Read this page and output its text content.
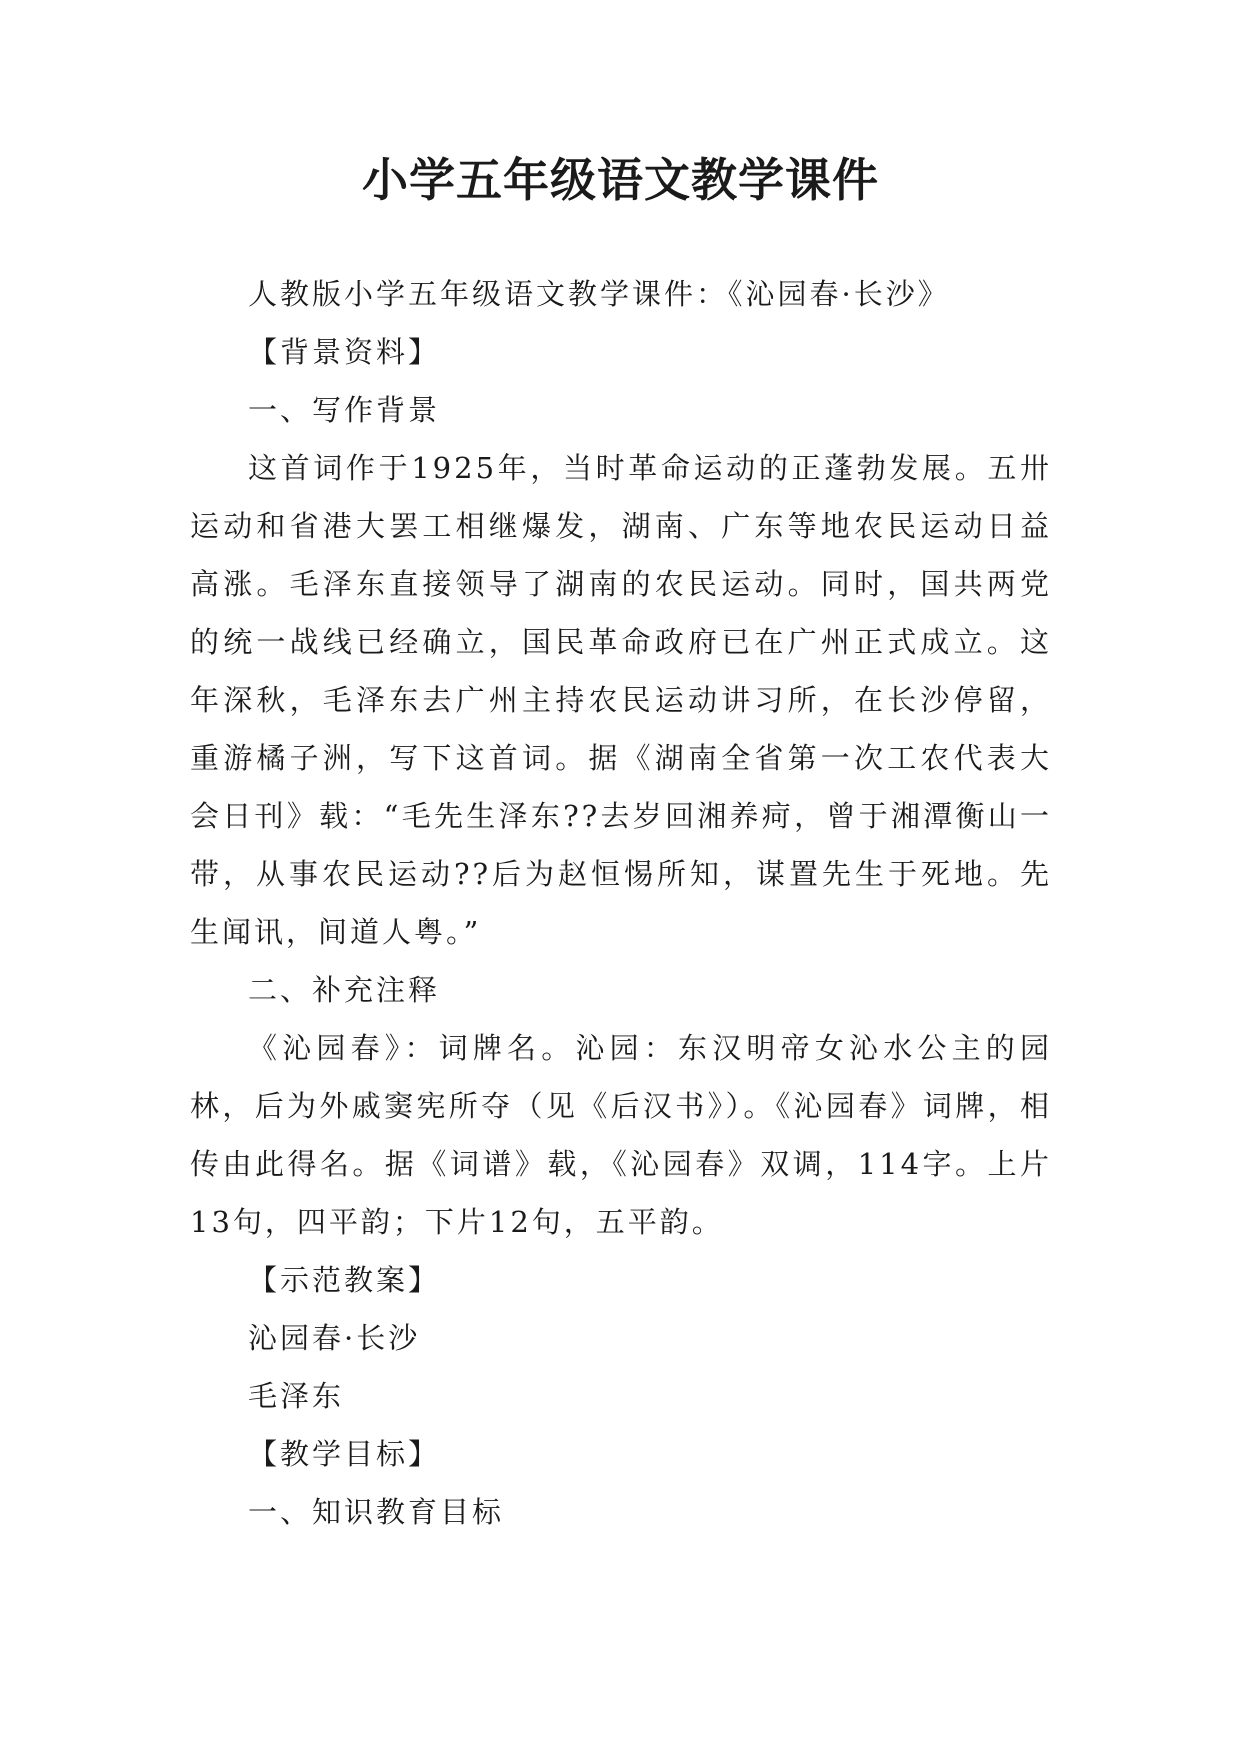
小学五年级语文教学课件

人教版小学五年级语文教学课件：《沁园春·长沙》

【背景资料】

一、写作背景

这首词作于1925年，当时革命运动的正蓬勃发展。五卅运动和省港大罢工相继爆发，湖南、广东等地农民运动日益高涨。毛泽东直接领导了湖南的农民运动。同时，国共两党的统一战线已经确立，国民革命政府已在广州正式成立。这年深秋，毛泽东去广州主持农民运动讲习所，在长沙停留，重游橘子洲，写下这首词。据《湖南全省第一次工农代表大会日刊》载：“毛先生泽东??去岁回湘养疴，曾于湘潭衡山一带，从事农民运动??后为赵恒惕所知，谋置先生于死地。先生闻讯，间道人粤。”

二、补充注释

《沁园春》：词牌名。沁园：东汉明帝女沁水公主的园林，后为外戚窦宪所夺（见《后汉书》）。《沁园春》词牌，相传由此得名。据《词谱》载，《沁园春》双调，114字。上片13句，四平韵；下片12句，五平韵。

【示范教案】

沁园春·长沙

毛泽东

【教学目标】

一、知识教育目标
